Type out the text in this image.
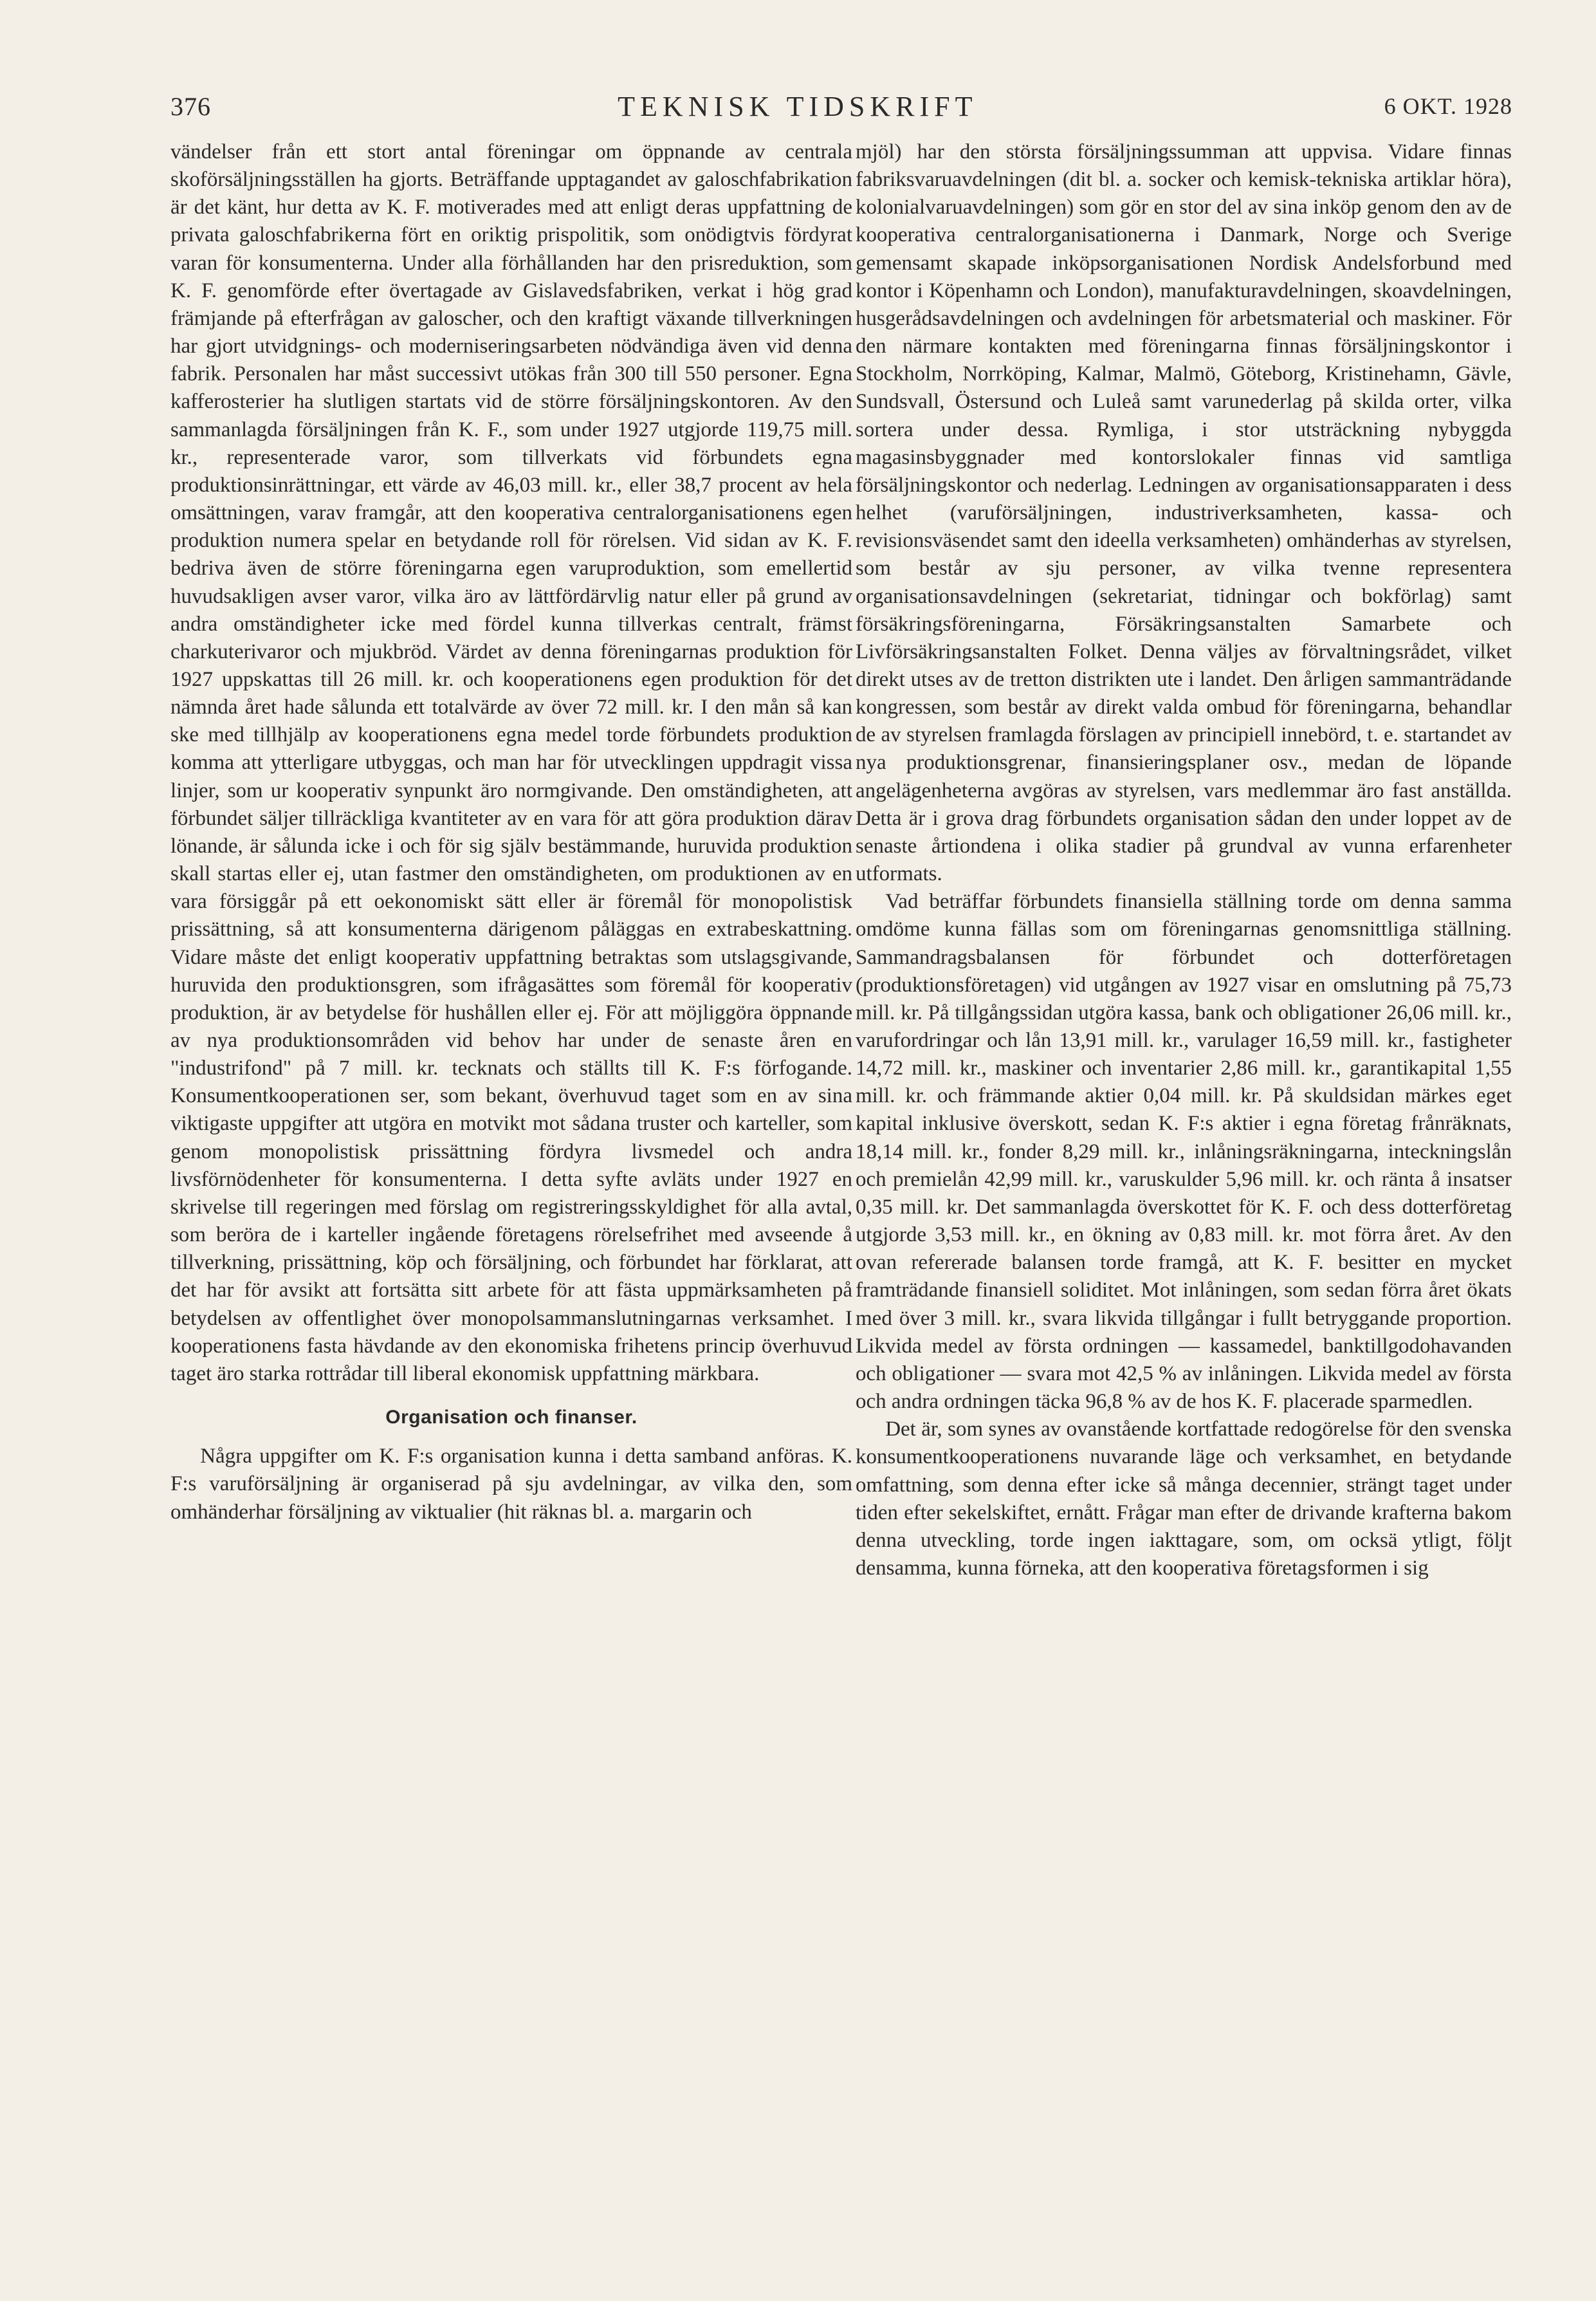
376	TEKNISK TIDSKRIFT	6 OKT. 1928

vändelser från ett stort antal föreningar om öppnande av centrala skoförsäljningsställen ha gjorts. Beträffande upptagandet av galoschfabrikation är det känt, hur detta av K. F. motiverades med att enligt deras uppfattning de privata galoschfabrikerna fört en oriktig prispolitik, som onödigtvis fördyrat varan för konsumenterna. Under alla förhållanden har den prisreduktion, som K. F. genomförde efter övertagade av Gislavedsfabriken, verkat i hög grad främjande på efterfrågan av galoscher, och den kraftigt växande tillverkningen har gjort utvidgnings- och moderniseringsarbeten nödvändiga även vid denna fabrik. Personalen har måst successivt utökas från 300 till 550 personer. Egna kafferosterier ha slutligen startats vid de större försäljningskontoren. Av den sammanlagda försäljningen från K. F., som under 1927 utgjorde 119,75 mill. kr., representerade varor, som tillverkats vid förbundets egna produktionsinrättningar, ett värde av 46,03 mill. kr., eller 38,7 procent av hela omsättningen, varav framgår, att den kooperativa centralorganisationens egen produktion numera spelar en betydande roll för rörelsen. Vid sidan av K. F. bedriva även de större föreningarna egen varuproduktion, som emellertid huvudsakligen avser varor, vilka äro av lättfördärvlig natur eller på grund av andra omständigheter icke med fördel kunna tillverkas centralt, främst charkuterivaror och mjukbröd. Värdet av denna föreningarnas produktion för 1927 uppskattas till 26 mill. kr. och kooperationens egen produktion för det nämnda året hade sålunda ett totalvärde av över 72 mill. kr. I den mån så kan ske med tillhjälp av kooperationens egna medel torde förbundets produktion komma att ytterligare utbyggas, och man har för utvecklingen uppdragit vissa linjer, som ur kooperativ synpunkt äro normgivande. Den omständigheten, att förbundet säljer tillräckliga kvantiteter av en vara för att göra produktion därav lönande, är sålunda icke i och för sig själv bestämmande, huruvida produktion skall startas eller ej, utan fastmer den omständigheten, om produktionen av en vara försiggår på ett oekonomiskt sätt eller är föremål för monopolistisk prissättning, så att konsumenterna därigenom påläggas en extrabeskattning. Vidare måste det enligt kooperativ uppfattning betraktas som utslagsgivande, huruvida den produktionsgren, som ifrågasättes som föremål för kooperativ produktion, är av betydelse för hushållen eller ej. För att möjliggöra öppnande av nya produktionsområden vid behov har under de senaste åren en "industrifond" på 7 mill. kr. tecknats och ställts till K. F:s förfogande. Konsumentkooperationen ser, som bekant, överhuvud taget som en av sina viktigaste uppgifter att utgöra en motvikt mot sådana truster och karteller, som genom monopolistisk prissättning fördyra livsmedel och andra livsförnödenheter för konsumenterna. I detta syfte avläts under 1927 en skrivelse till regeringen med förslag om registreringsskyldighet för alla avtal, som beröra de i karteller ingående företagens rörelsefrihet med avseende å tillverkning, prissättning, köp och försäljning, och förbundet har förklarat, att det har för avsikt att fortsätta sitt arbete för att fästa uppmärksamheten på betydelsen av offentlighet över monopolsammanslutningarnas verksamhet. I kooperationens fasta hävdande av den ekonomiska frihetens princip överhuvud taget äro starka rottrådar till liberal ekonomisk uppfattning märkbara.

Organisation och finanser.

Några uppgifter om K. F:s organisation kunna i detta samband anföras. K. F:s varuförsäljning är organiserad på sju avdelningar, av vilka den, som omhänderhar försäljning av viktualier (hit räknas bl. a. margarin och

mjöl) har den största försäljningssumman att uppvisa. Vidare finnas fabriksvaruavdelningen (dit bl. a. socker och kemisk-tekniska artiklar höra), kolonialvaruavdelningen) som gör en stor del av sina inköp genom den av de kooperativa centralorganisationerna i Danmark, Norge och Sverige gemensamt skapade inköpsorganisationen Nordisk Andelsforbund med kontor i Köpenhamn och London), manufakturavdelningen, skoavdelningen, husgerådsavdelningen och avdelningen för arbetsmaterial och maskiner. För den närmare kontakten med föreningarna finnas försäljningskontor i Stockholm, Norrköping, Kalmar, Malmö, Göteborg, Kristinehamn, Gävle, Sundsvall, Östersund och Luleå samt varunederlag på skilda orter, vilka sortera under dessa. Rymliga, i stor utsträckning nybyggda magasinsbyggnader med kontorslokaler finnas vid samtliga försäljningskontor och nederlag. Ledningen av organisationsapparaten i dess helhet (varuförsäljningen, industriverksamheten, kassa- och revisionsväsendet samt den ideella verksamheten) omhänderhas av styrelsen, som består av sju personer, av vilka tvenne representera organisationsavdelningen (sekretariat, tidningar och bokförlag) samt försäkringsföreningarna, Försäkringsanstalten Samarbete och Livförsäkringsanstalten Folket. Denna väljes av förvaltningsrådet, vilket direkt utses av de tretton distrikten ute i landet. Den årligen sammanträdande kongressen, som består av direkt valda ombud för föreningarna, behandlar de av styrelsen framlagda förslagen av principiell innebörd, t. e. startandet av nya produktionsgrenar, finansieringsplaner osv., medan de löpande angelägenheterna avgöras av styrelsen, vars medlemmar äro fast anställda. Detta är i grova drag förbundets organisation sådan den under loppet av de senaste årtiondena i olika stadier på grundval av vunna erfarenheter utformats.

Vad beträffar förbundets finansiella ställning torde om denna samma omdöme kunna fällas som om föreningarnas genomsnittliga ställning. Sammandragsbalansen för förbundet och dotterföretagen (produktionsföretagen) vid utgången av 1927 visar en omslutning på 75,73 mill. kr. På tillgångssidan utgöra kassa, bank och obligationer 26,06 mill. kr., varufordringar och lån 13,91 mill. kr., varulager 16,59 mill. kr., fastigheter 14,72 mill. kr., maskiner och inventarier 2,86 mill. kr., garantikapital 1,55 mill. kr. och främmande aktier 0,04 mill. kr. På skuldsidan märkes eget kapital inklusive överskott, sedan K. F:s aktier i egna företag frånräknats, 18,14 mill. kr., fonder 8,29 mill. kr., inlåningsräkningarna, inteckningslån och premielån 42,99 mill. kr., varuskulder 5,96 mill. kr. och ränta å insatser 0,35 mill. kr. Det sammanlagda överskottet för K. F. och dess dotterföretag utgjorde 3,53 mill. kr., en ökning av 0,83 mill. kr. mot förra året. Av den ovan refererade balansen torde framgå, att K. F. besitter en mycket framträdande finansiell soliditet. Mot inlåningen, som sedan förra året ökats med över 3 mill. kr., svara likvida tillgångar i fullt betryggande proportion. Likvida medel av första ordningen — kassamedel, banktillgodohavanden och obligationer — svara mot 42,5 % av inlåningen. Likvida medel av första och andra ordningen täcka 96,8 % av de hos K. F. placerade sparmedlen.

Det är, som synes av ovanstående kortfattade redogörelse för den svenska konsumentkooperationens nuvarande läge och verksamhet, en betydande omfattning, som denna efter icke så många decennier, strängt taget under tiden efter sekelskiftet, ernått. Frågar man efter de drivande krafterna bakom denna utveckling, torde ingen iakttagare, som, om ocksä ytligt, följt densamma, kunna förneka, att den kooperativa företagsformen i sig
